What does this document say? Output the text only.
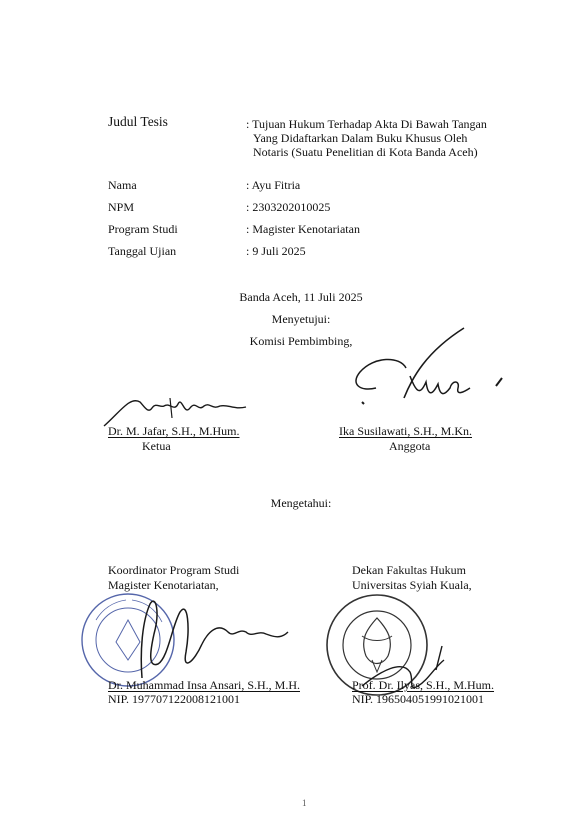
Judul Tesis	: Tujuan Hukum Terhadap Akta Di Bawah Tangan
Yang Didaftarkan Dalam Buku Khusus Oleh
Notaris (Suatu Penelitian di Kota Banda Aceh)
Nama	: Ayu Fitria
NPM	: 2303202010025
Program Studi	: Magister Kenotariatan
Tanggal Ujian	: 9 Juli 2025
Banda Aceh, 11 Juli 2025
Menyetujui:
Komisi Pembimbing,
Dr. M. Jafar, S.H., M.Hum.
Ketua
Ika Susilawati, S.H., M.Kn.
Anggota
Mengetahui:
Koordinator Program Studi
Magister Kenotariatan,
Dr. Muhammad Insa Ansari, S.H., M.H.
NIP. 197707122008121001
Dekan Fakultas Hukum
Universitas Syiah Kuala,
Prof. Dr. Ilyas, S.H., M.Hum.
NIP. 196504051991021001
1
